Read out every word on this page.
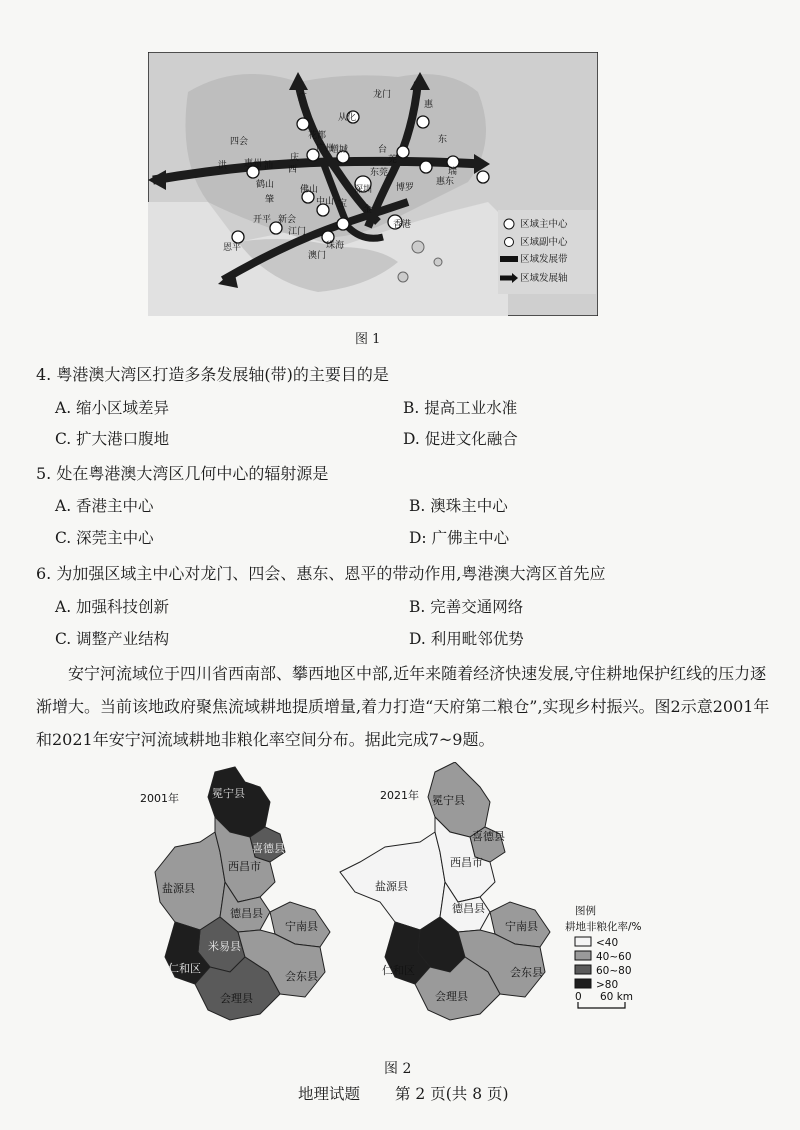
龙门
四会
花都
从化
惠州
广州
东莞
增城
惠东
西
鹤山	佛山
中山
深圳
开平 新会
江门
恩平	珠海
澳门
香港
洪	汕
莞
瑞
宝
金
台
博罗
广
惠
东
肇
庆
区域主中心
区域副中心
区域发展带
区域发展轴
图 1
4. 粤港澳大湾区打造多条发展轴(带)的主要目的是
A. 缩小区域差异	B. 提高工业水准
C. 扩大港口腹地	D. 促进文化融合
5. 处在粤港澳大湾区几何中心的辐射源是
A. 香港主中心	B. 澳珠主中心
C. 深莞主中心	D: 广佛主中心
6. 为加强区域主中心对龙门、四会、惠东、恩平的带动作用,粤港澳大湾区首先应
A. 加强科技创新	B. 完善交通网络
C. 调整产业结构	D. 利用毗邻优势
安宁河流域位于四川省西南部、攀西地区中部,近年来随着经济快速发展,守住耕地保护红线的压力逐渐增大。当前该地政府聚焦流域耕地提质增量,着力打造“天府第二粮仓”,实现乡村振兴。图2示意2001年和2021年安宁河流域耕地非粮化率空间分布。据此完成7~9题。
2001年	冕宁县
喜德县
西昌市
盐源县
德昌县
宁南县
米易县
会东县
仁和区
会理县
2021年 冕宁县
喜德县
西昌市
盐源县
德昌县
宁南县
会东县
仁和区
会理县
图例
耕地非粮化率/%
<40
40~60
60~80
>80
0 60 km
图 2
地理试题 第 2 页(共 8 页)
